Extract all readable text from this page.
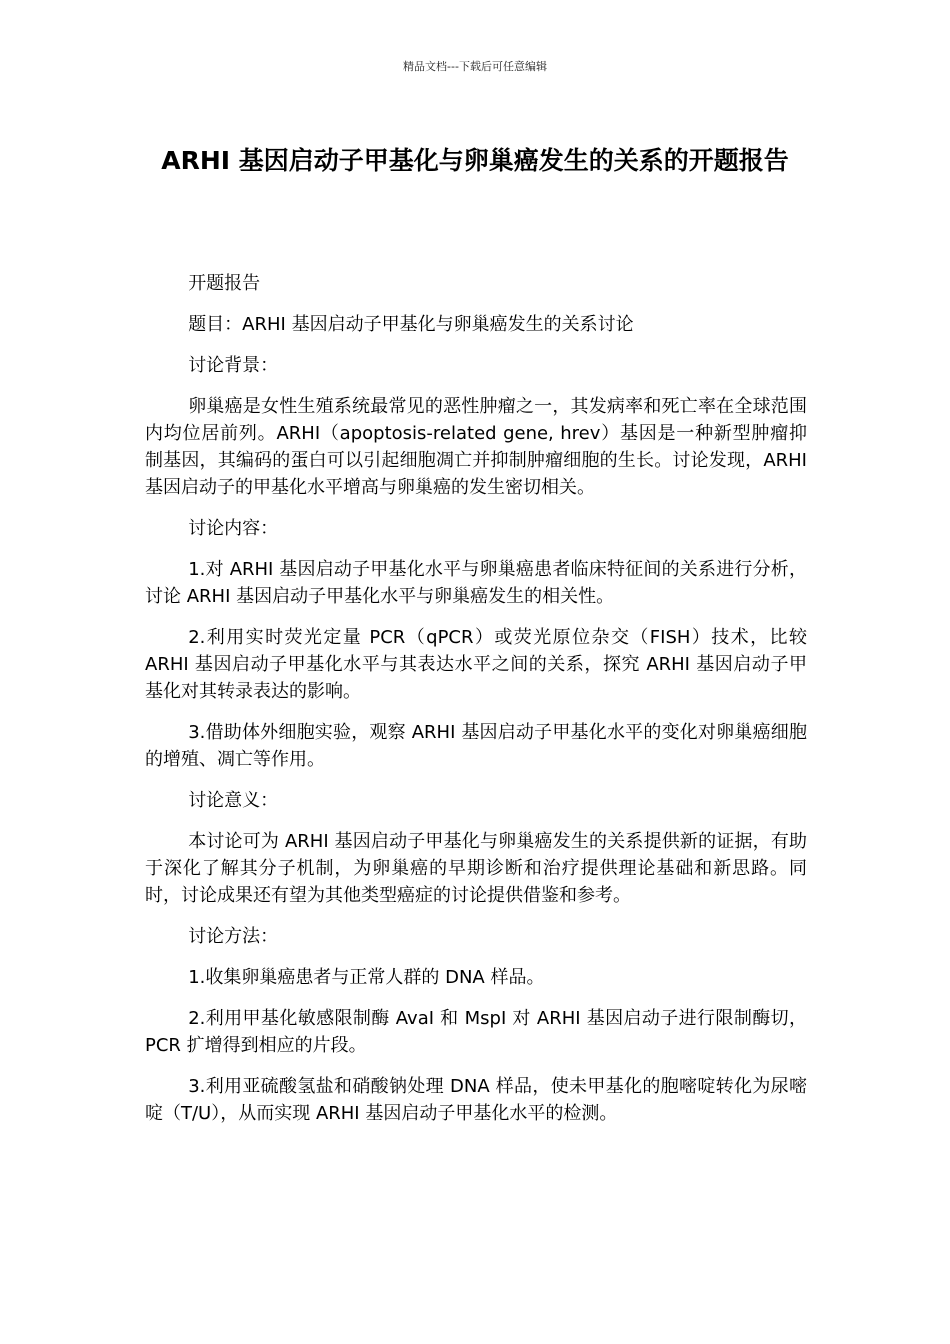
精品文档---下载后可任意编辑
ARHI 基因启动子甲基化与卵巢癌发生的关系的开题报告

开题报告

题目：ARHI 基因启动子甲基化与卵巢癌发生的关系讨论

讨论背景：

卵巢癌是女性生殖系统最常见的恶性肿瘤之一，其发病率和死亡率在全球范围内均位居前列。ARHI（apoptosis-related gene, hrev）基因是一种新型肿瘤抑制基因，其编码的蛋白可以引起细胞凋亡并抑制肿瘤细胞的生长。讨论发现，ARHI 基因启动子的甲基化水平增高与卵巢癌的发生密切相关。

讨论内容：

1.对 ARHI 基因启动子甲基化水平与卵巢癌患者临床特征间的关系进行分析，讨论 ARHI 基因启动子甲基化水平与卵巢癌发生的相关性。

2.利用实时荧光定量 PCR（qPCR）或荧光原位杂交（FISH）技术，比较 ARHI 基因启动子甲基化水平与其表达水平之间的关系，探究 ARHI 基因启动子甲基化对其转录表达的影响。

3.借助体外细胞实验，观察 ARHI 基因启动子甲基化水平的变化对卵巢癌细胞的增殖、凋亡等作用。

讨论意义：

本讨论可为 ARHI 基因启动子甲基化与卵巢癌发生的关系提供新的证据，有助于深化了解其分子机制，为卵巢癌的早期诊断和治疗提供理论基础和新思路。同时，讨论成果还有望为其他类型癌症的讨论提供借鉴和参考。

讨论方法：

1.收集卵巢癌患者与正常人群的 DNA 样品。

2.利用甲基化敏感限制酶 AvaI 和 MspI 对 ARHI 基因启动子进行限制酶切，PCR 扩增得到相应的片段。

3.利用亚硫酸氢盐和硝酸钠处理 DNA 样品，使未甲基化的胞嘧啶转化为尿嘧啶（T/U），从而实现 ARHI 基因启动子甲基化水平的检测。
